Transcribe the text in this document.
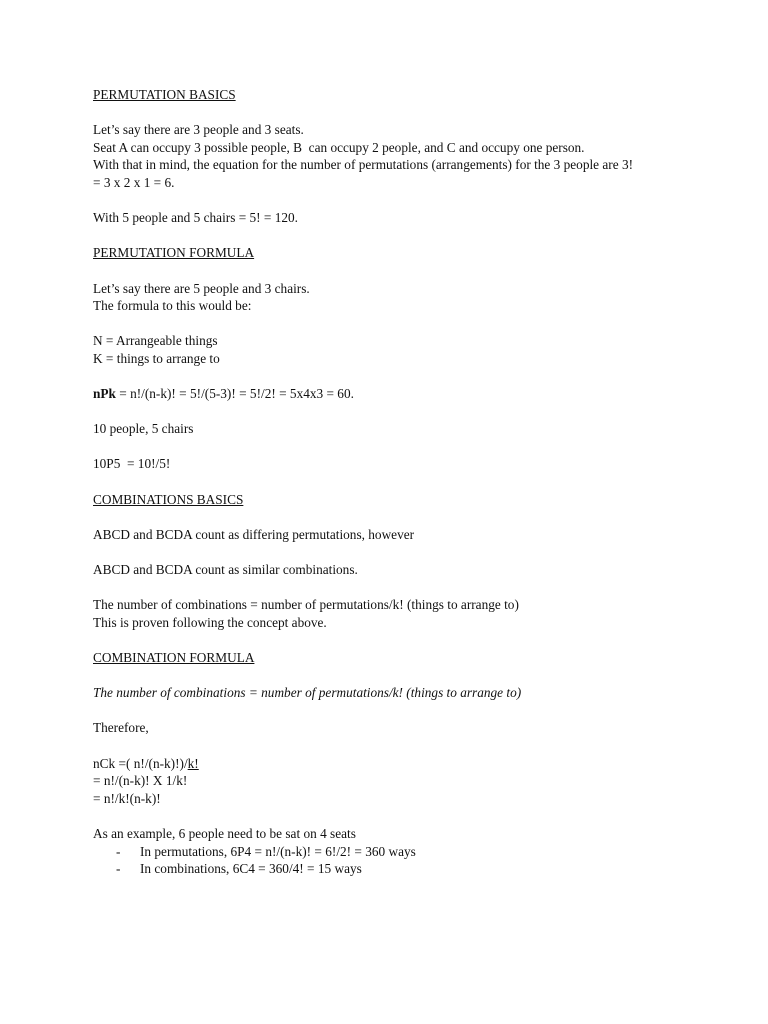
PERMUTATION BASICS
Let’s say there are 3 people and 3 seats.
Seat A can occupy 3 possible people, B  can occupy 2 people, and C and occupy one person.
With that in mind, the equation for the number of permutations (arrangements) for the 3 people are 3!
= 3 x 2 x 1 = 6.
With 5 people and 5 chairs = 5! = 120.
PERMUTATION FORMULA
Let’s say there are 5 people and 3 chairs.
The formula to this would be:
N = Arrangeable things
K = things to arrange to
nPk = n!/(n-k)! = 5!/(5-3)! = 5!/2! = 5x4x3 = 60.
10 people, 5 chairs
10P5  = 10!/5!
COMBINATIONS BASICS
ABCD and BCDA count as differing permutations, however
ABCD and BCDA count as similar combinations.
The number of combinations = number of permutations/k! (things to arrange to)
This is proven following the concept above.
COMBINATION FORMULA
The number of combinations = number of permutations/k! (things to arrange to)
Therefore,
nCk =( n!/(n-k)!)/k!
= n!/(n-k)! X 1/k!
= n!/k!(n-k)!
As an example, 6 people need to be sat on 4 seats
-	In permutations, 6P4 = n!/(n-k)! = 6!/2! = 360 ways
-	In combinations, 6C4 = 360/4! = 15 ways
